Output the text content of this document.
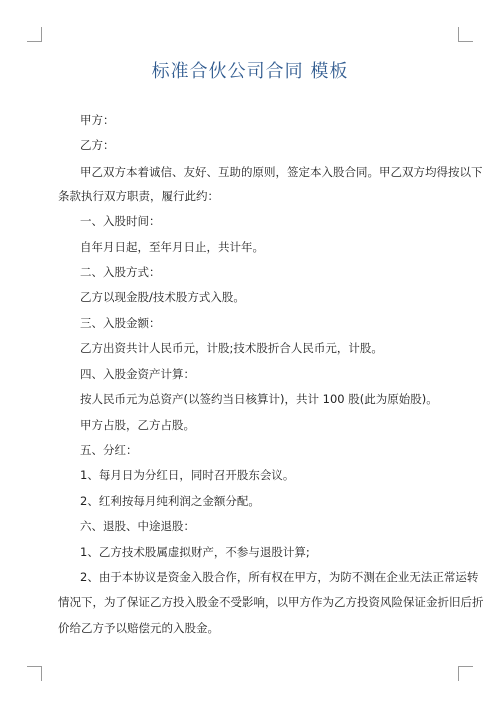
标准合伙公司合同 模板
甲方：
乙方：
甲乙双方本着诚信、友好、互助的原则，签定本入股合同。甲乙双方均得按以下
条款执行双方职责，履行此约：
一、入股时间：
自年月日起，至年月日止，共计年。
二、入股方式：
乙方以现金股/技术股方式入股。
三、入股金额：
乙方出资共计人民币元，计股;技术股折合人民币元，计股。
四、入股金资产计算：
按人民币元为总资产(以签约当日核算计)，共计 100 股(此为原始股)。
甲方占股，乙方占股。
五、分红：
1、每月日为分红日，同时召开股东会议。
2、红利按每月纯利润之金额分配。
六、退股、中途退股：
1、乙方技术股属虚拟财产，不参与退股计算;
2、由于本协议是资金入股合作，所有权在甲方，为防不测在企业无法正常运转
情况下，为了保证乙方投入股金不受影响，以甲方作为乙方投资风险保证金折旧后折
价给乙方予以赔偿元的入股金。
